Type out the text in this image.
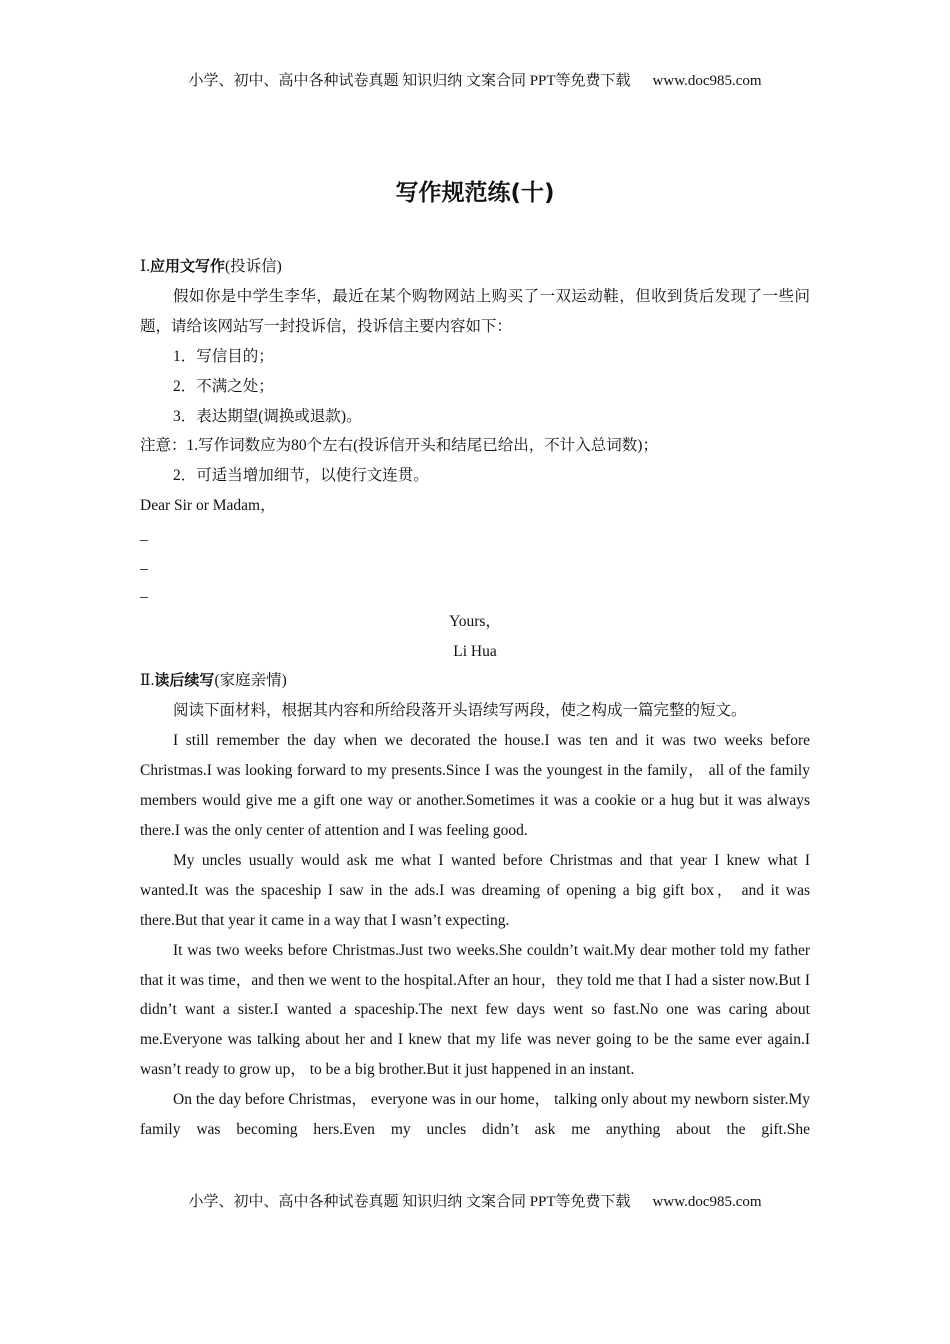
小学、初中、高中各种试卷真题 知识归纳 文案合同 PPT等免费下载 www.doc985.com
写作规范练(十)

Ⅰ.应用文写作(投诉信)

假如你是中学生李华，最近在某个购物网站上购买了一双运动鞋，但收到货后发现了一些问题，请给该网站写一封投诉信，投诉信主要内容如下：

1．写信目的；

2．不满之处；

3．表达期望(调换或退款)。

注意：1.写作词数应为80个左右(投诉信开头和结尾已给出，不计入总词数)；

2．可适当增加细节，以使行文连贯。

Dear Sir or Madam，

_

_

_

Yours，

Li Hua

Ⅱ.读后续写(家庭亲情)

阅读下面材料，根据其内容和所给段落开头语续写两段，使之构成一篇完整的短文。

I still remember the day when we decorated the house.I was ten and it was two weeks before Christmas.I was looking forward to my presents.Since I was the youngest in the family， all of the family members would give me a gift one way or another.Sometimes it was a cookie or a hug but it was always there.I was the only center of attention and I was feeling good.

My uncles usually would ask me what I wanted before Christmas and that year I knew what I wanted.It was the spaceship I saw in the ads.I was dreaming of opening a big gift box， and it was there.But that year it came in a way that I wasn’t expecting.

It was two weeks before Christmas.Just two weeks.She couldn’t wait.My dear mother told my father that it was time，and then we went to the hospital.After an hour，they told me that I had a sister now.But I didn’t want a sister.I wanted a spaceship.The next few days went so fast.No one was caring about me.Everyone was talking about her and I knew that my life was never going to be the same ever again.I wasn’t ready to grow up， to be a big brother.But it just happened in an instant.

On the day before Christmas， everyone was in our home， talking only about my newborn sister.My family was becoming hers.Even my uncles didn’t ask me anything about the gift.She

小学、初中、高中各种试卷真题 知识归纳 文案合同 PPT等免费下载 www.doc985.com
